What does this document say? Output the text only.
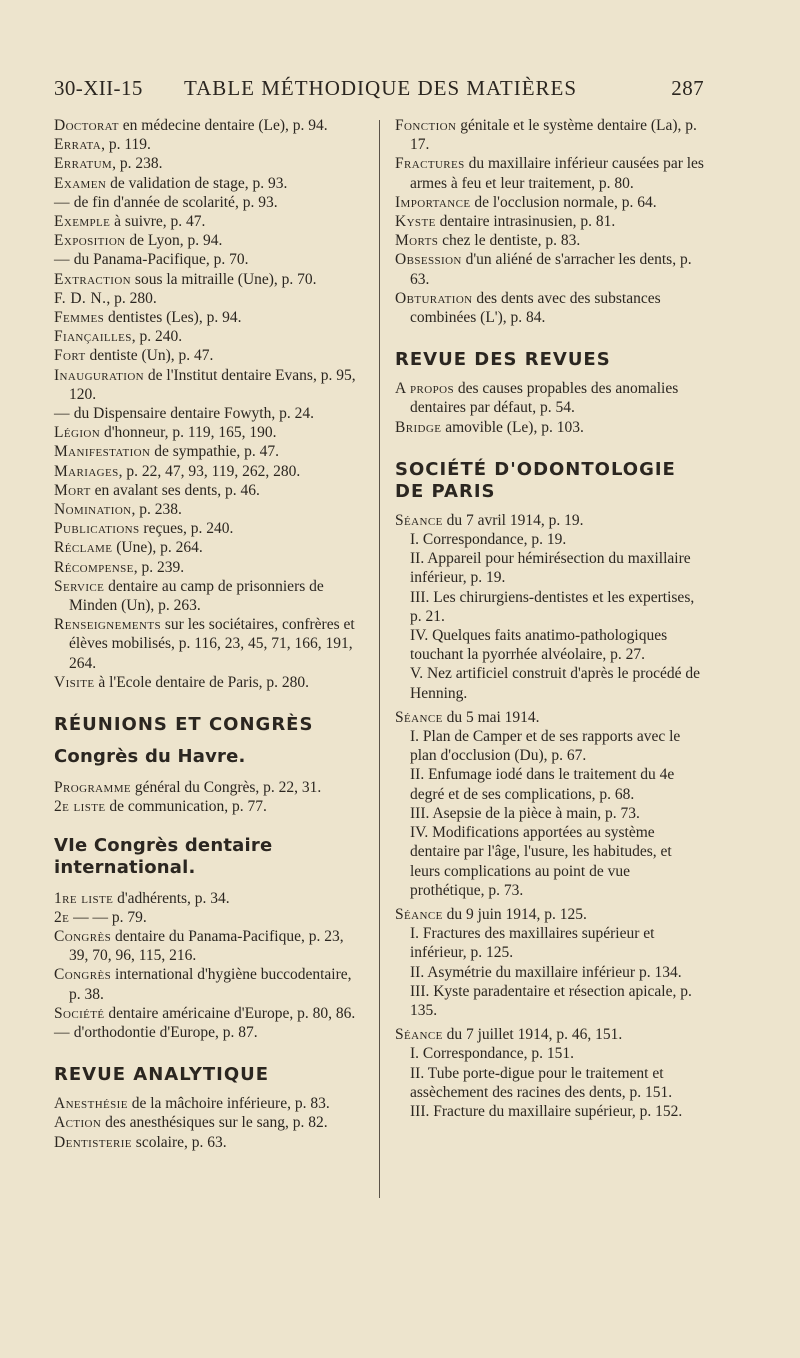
30-XII-15 TABLE MÉTHODIQUE DES MATIÈRES	287

Doctorat en médecine dentaire (Le), p. 94.

Errata, p. 119.

Erratum, p. 238.

Examen de validation de stage, p. 93.

— de fin d'année de scolarité, p. 93.

Exemple à suivre, p. 47.

Exposition de Lyon, p. 94.

— du Panama-Pacifique, p. 70.

Extraction sous la mitraille (Une), p. 70.

F. D. N., p. 280.

Femmes dentistes (Les), p. 94.

Fiançailles, p. 240.

Fort dentiste (Un), p. 47.

Inauguration de l'Institut dentaire Evans, p. 95, 120.

— du Dispensaire dentaire Fowyth, p. 24.

Légion d'honneur, p. 119, 165, 190.

Manifestation de sympathie, p. 47.

Mariages, p. 22, 47, 93, 119, 262, 280.

Mort en avalant ses dents, p. 46.

Nomination, p. 238.

Publications reçues, p. 240.

Réclame (Une), p. 264.

Récompense, p. 239.

Service dentaire au camp de prisonniers de Minden (Un), p. 263.

Renseignements sur les sociétaires, confrères et élèves mobilisés, p. 116, 23, 45, 71, 166, 191, 264.

Visite à l'Ecole dentaire de Paris, p. 280.

RÉUNIONS ET CONGRÈS
Congrès du Havre.

Programme général du Congrès, p. 22, 31.

2e liste de communication, p. 77.

VIe Congrès dentaire international.

1re liste d'adhérents, p. 34.

2e — — p. 79.

Congrès dentaire du Panama-Pacifique, p. 23, 39, 70, 96, 115, 216.

Congrès international d'hygiène buccodentaire, p. 38.

Société dentaire américaine d'Europe, p. 80, 86.

— d'orthodontie d'Europe, p. 87.

REVUE ANALYTIQUE

Anesthésie de la mâchoire inférieure, p. 83.

Action des anesthésiques sur le sang, p. 82.

Dentisterie scolaire, p. 63.

Fonction génitale et le système dentaire (La), p. 17.

Fractures du maxillaire inférieur causées par les armes à feu et leur traitement, p. 80.

Importance de l'occlusion normale, p. 64.

Kyste dentaire intrasinusien, p. 81.

Morts chez le dentiste, p. 83.

Obsession d'un aliéné de s'arracher les dents, p. 63.

Obturation des dents avec des substances combinées (L'), p. 84.

REVUE DES REVUES

A propos des causes propables des anomalies dentaires par défaut, p. 54.

Bridge amovible (Le), p. 103.

SOCIÉTÉ D'ODONTOLOGIE DE PARIS

Séance du 7 avril 1914, p. 19.

I. Correspondance, p. 19.

II. Appareil pour hémirésection du maxillaire inférieur, p. 19.

III. Les chirurgiens-dentistes et les expertises, p. 21.

IV. Quelques faits anatimo-pathologiques touchant la pyorrhée alvéolaire, p. 27.

V. Nez artificiel construit d'après le procédé de Henning.

Séance du 5 mai 1914.

I. Plan de Camper et de ses rapports avec le plan d'occlusion (Du), p. 67.

II. Enfumage iodé dans le traitement du 4e degré et de ses complications, p. 68.

III. Asepsie de la pièce à main, p. 73.

IV. Modifications apportées au système dentaire par l'âge, l'usure, les habitudes, et leurs complications au point de vue prothétique, p. 73.

Séance du 9 juin 1914, p. 125.

I. Fractures des maxillaires supérieur et inférieur, p. 125.

II. Asymétrie du maxillaire inférieur p. 134.

III. Kyste paradentaire et résection apicale, p. 135.

Séance du 7 juillet 1914, p. 46, 151.

I. Correspondance, p. 151.

II. Tube porte-digue pour le traitement et assèchement des racines des dents, p. 151.

III. Fracture du maxillaire supérieur, p. 152.
